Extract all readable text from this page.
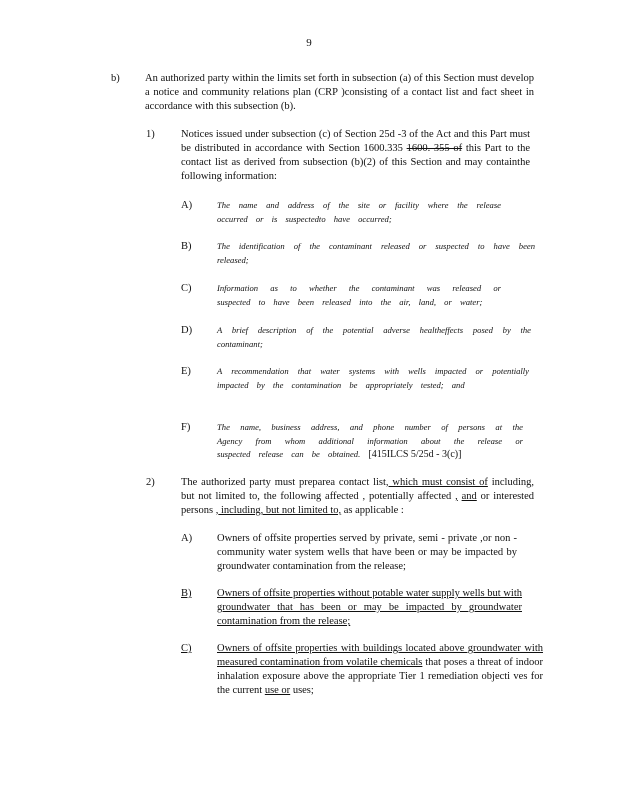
9
b) An authorized party within the limits set forth in subsection (a) of this Section must develop a notice and community relations plan (CRP )consisting of a contact list and fact sheet in accordance with this subsection (b).
1)	Notices issued under subsection (c) of Section 25d -3 of the Act and this Part must be distributed in accordance with Section 1600.335 1600. 355 of this Part to the contact list as derived from subsection (b)(2) of this Section and may containthe following information:
A)	The name and address of the site or facility where the release occurred or is suspectedto have occurred;
B)	The identification of the contaminant released or suspected to have been released;
C)	Information as to whether the contaminant was released or suspected to have been released into the air, land, or water;
D)	A brief description of the potential adverse healtheffects posed by the contaminant;
E)	A recommendation that water systems with wells impacted or potentially impacted by the contamination be appropriately tested; and
F)	The name, business address, and phone number of persons at the Agency from whom additional information about the release or suspected release can be obtained. [415ILCS 5/25d - 3(c)]
2)	The authorized party must preparea contact list, which must consist of including, but not limited to, the following affected , potentially affected , and or interested persons , including, but not limited to, as applicable :
A) Owners of offsite properties served by private, semi - private ,or non -community water system wells that have been or may be impacted by groundwater contamination from the release;
B) Owners of offsite properties without potable water supply wells but with groundwater that has been or may be impacted by groundwater contamination from the release;
C) Owners of offsite properties with buildings located above groundwater with measured contamination from volatile chemicals that poses a threat of indoor inhalation exposure above the appropriate Tier 1 remediation objecti ves for the current use or uses;
